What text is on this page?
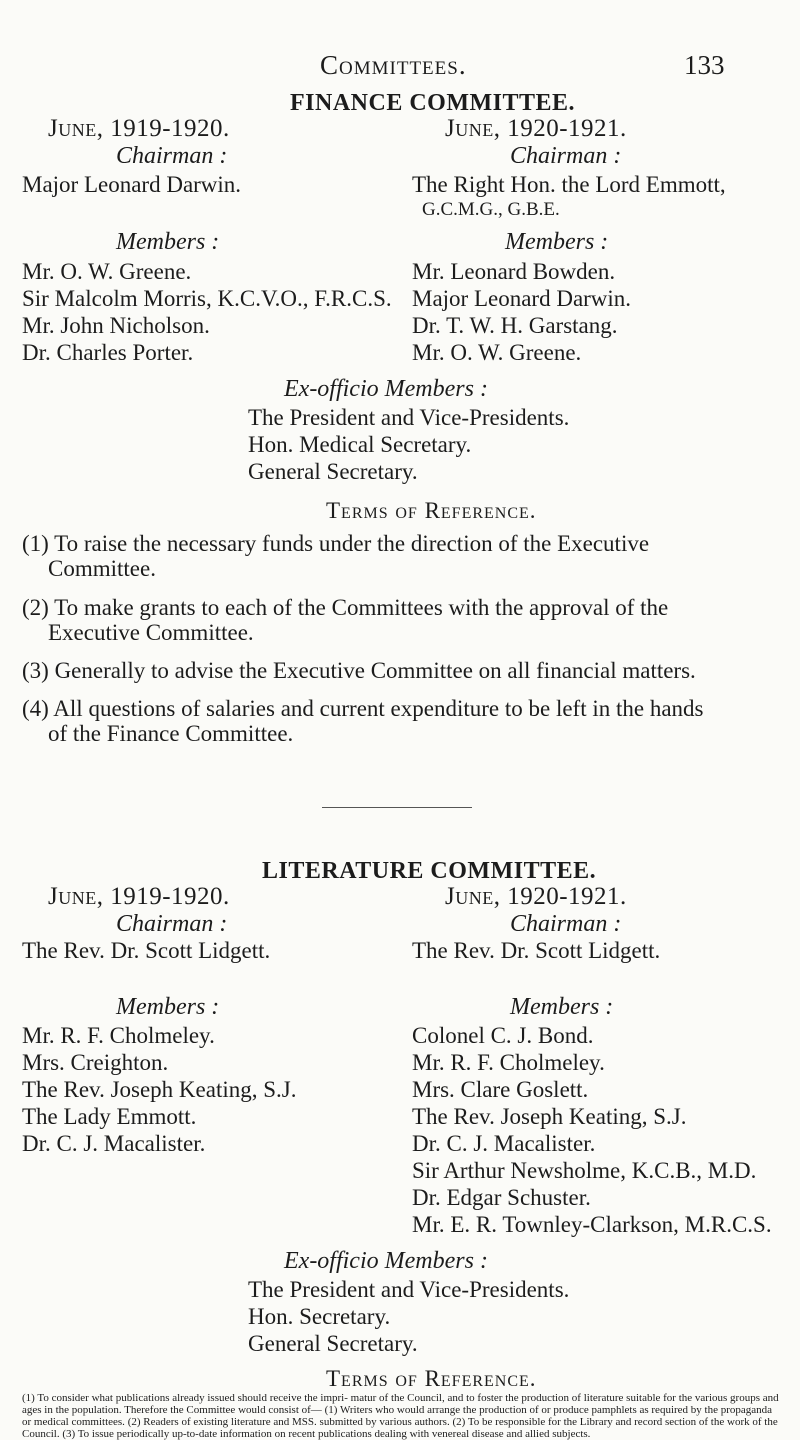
Committees.	133
FINANCE COMMITTEE.
June, 1919-1920.
Chairman :
Major Leonard Darwin.
Members :
Mr. O. W. Greene.
Sir Malcolm Morris, K.C.V.O., F.R.C.S.
Mr. John Nicholson.
Dr. Charles Porter.
June, 1920-1921.
Chairman :
The Right Hon. the Lord Emmott,
G.C.M.G., G.B.E.
Members :
Mr. Leonard Bowden.
Major Leonard Darwin.
Dr. T. W. H. Garstang.
Mr. O. W. Greene.
Ex-officio Members :
The President and Vice-Presidents.
Hon. Medical Secretary.
General Secretary.
Terms of Reference.
(1) To raise the necessary funds under the direction of the Executive
Committee.
(2) To make grants to each of the Committees with the approval of the
Executive Committee.
(3) Generally to advise the Executive Committee on all financial matters.
(4) All questions of salaries and current expenditure to be left in the hands
of the Finance Committee.
LITERATURE COMMITTEE.
June, 1919-1920.
Chairman :
The Rev. Dr. Scott Lidgett.
Members :
Mr. R. F. Cholmeley.
Mrs. Creighton.
The Rev. Joseph Keating, S.J.
The Lady Emmott.
Dr. C. J. Macalister.
June, 1920-1921.
Chairman :
The Rev. Dr. Scott Lidgett.
Members :
Colonel C. J. Bond.
Mr. R. F. Cholmeley.
Mrs. Clare Goslett.
The Rev. Joseph Keating, S.J.
Dr. C. J. Macalister.
Sir Arthur Newsholme, K.C.B., M.D.
Dr. Edgar Schuster.
Mr. E. R. Townley-Clarkson, M.R.C.S.
Ex-officio Members :
The President and Vice-Presidents.
Hon. Secretary.
General Secretary.
Terms of Reference.
(1) To consider what publications already issued should receive the impri- matur of the Council, and to foster the production of literature suitable for the various groups and ages in the population. Therefore the Committee would consist of— (1) Writers who would arrange the production of or produce pamphlets as required by the propaganda or medical committees. (2) Readers of existing literature and MSS. submitted by various authors. (2) To be responsible for the Library and record section of the work of the Council. (3) To issue periodically up-to-date information on recent publications dealing with venereal disease and allied subjects.
